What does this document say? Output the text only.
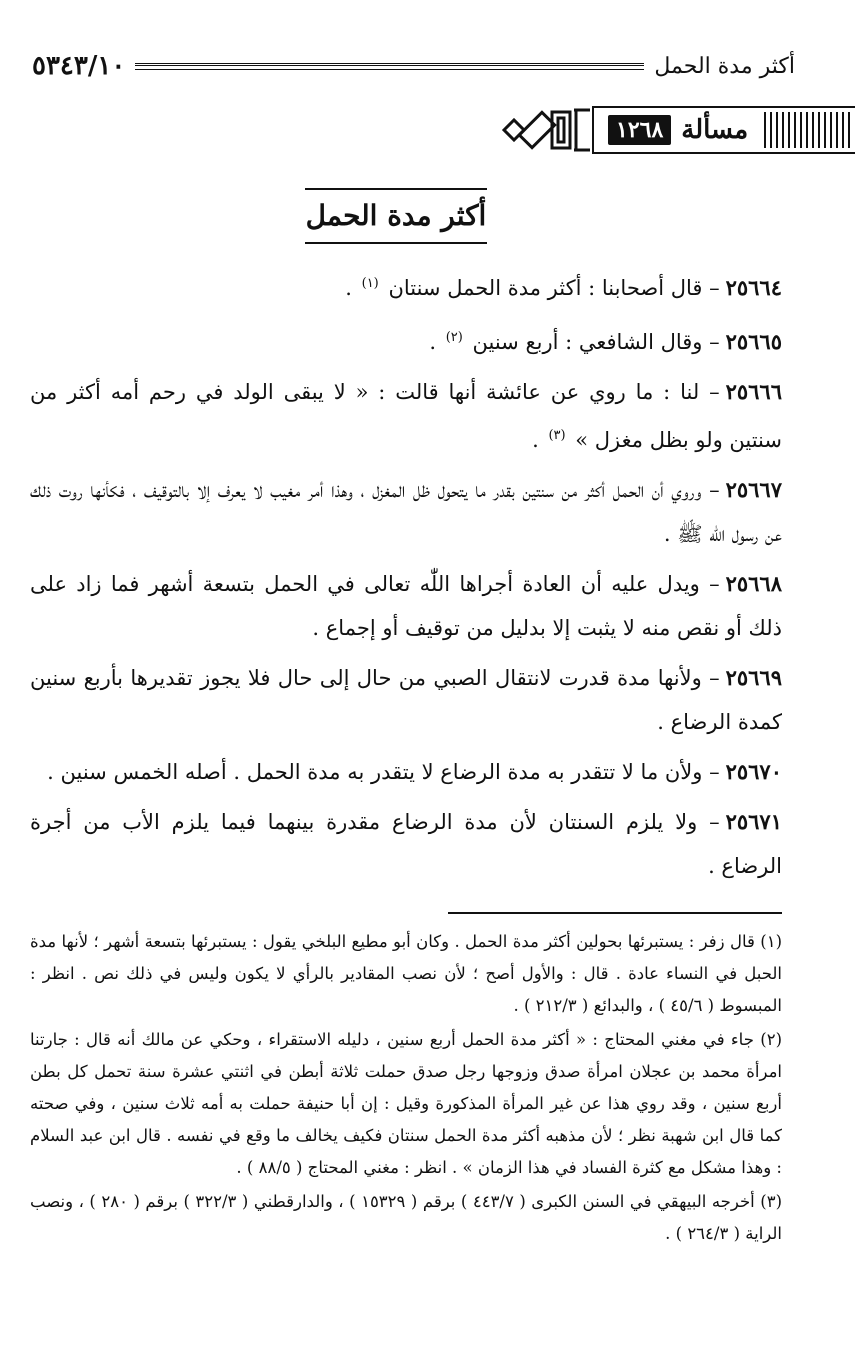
٥٣٤٣/١٠	أكثر مدة الحمل
١٢٦٨ مسألة
أكثر مدة الحمل

٢٥٦٦٤– قال أصحابنا : أكثر مدة الحمل سنتان $^{(١)}$ .

٢٥٦٦٥– وقال الشافعي : أربع سنين $^{(٢)}$ .

٢٥٦٦٦– لنا : ما روي عن عائشة أنها قالت : « لا يبقى الولد في رحم أمه أكثر من سنتين ولو بظل مغزل » $^{(٣)}$ .

٢٥٦٦٧– وروي أن الحمل أكثر من سنتين بقدر ما يتحول ظل المغزل ، وهذا أمر مغيب لا يعرف إلا بالتوقيف ، فكأنها روت ذلك عن رسول اللّٰه ﷺ .

٢٥٦٦٨– ويدل عليه أن العادة أجراها اللّٰه تعالى في الحمل بتسعة أشهر فما زاد على ذلك أو نقص منه لا يثبت إلا بدليل من توقيف أو إجماع .

٢٥٦٦٩– ولأنها مدة قدرت لانتقال الصبي من حال إلى حال فلا يجوز تقديرها بأربع سنين كمدة الرضاع .

٢٥٦٧٠– ولأن ما لا تتقدر به مدة الرضاع لا يتقدر به مدة الحمل . أصله الخمس سنين .

٢٥٦٧١– ولا يلزم السنتان لأن مدة الرضاع مقدرة بينهما فيما يلزم الأب من أجرة الرضاع .

(١) قال زفر : يستبرئها بحولين أكثر مدة الحمل . وكان أبو مطيع البلخي يقول : يستبرئها بتسعة أشهر ؛ لأنها مدة الحبل في النساء عادة . قال : والأول أصح ؛ لأن نصب المقادير بالرأي لا يكون وليس في ذلك نص . انظر : المبسوط ( ٤٥/٦ ) ، والبدائع ( ٢١٢/٣ ) .

(٢) جاء في مغني المحتاج : « أكثر مدة الحمل أربع سنين ، دليله الاستقراء ، وحكي عن مالك أنه قال : جارتنا امرأة محمد بن عجلان امرأة صدق وزوجها رجل صدق حملت ثلاثة أبطن في اثنتي عشرة سنة تحمل كل بطن أربع سنين ، وقد روي هذا عن غير المرأة المذكورة وقيل : إن أبا حنيفة حملت به أمه ثلاث سنين ، وفي صحته كما قال ابن شهبة نظر ؛ لأن مذهبه أكثر مدة الحمل سنتان فكيف يخالف ما وقع في نفسه . قال ابن عبد السلام : وهذا مشكل مع كثرة الفساد في هذا الزمان » . انظر : مغني المحتاج ( ٨٨/٥ ) .

(٣) أخرجه البيهقي في السنن الكبرى ( ٤٤٣/٧ ) برقم ( ١٥٣٢٩ ) ، والدارقطني ( ٣٢٢/٣ ) برقم ( ٢٨٠ ) ، ونصب الراية ( ٢٦٤/٣ ) .
